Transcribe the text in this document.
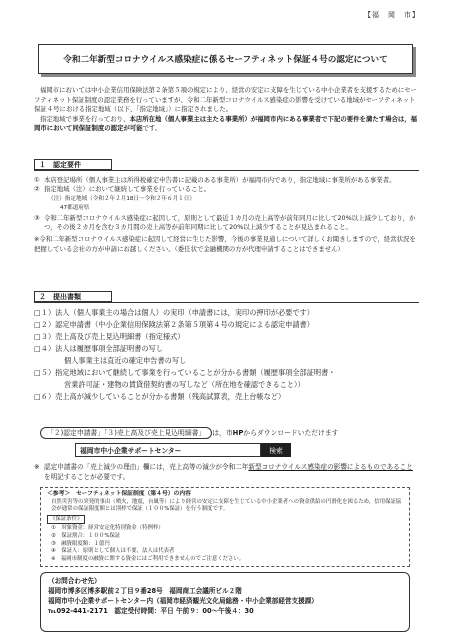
【福　岡　市】
令和二年新型コロナウイルス感染症に係るセーフティネット保証４号の認定について

福岡市においては中小企業信用保険法第２条第５項の規定により、経営の安定に支障を生じている中小企業者を支援するためにセーフティネット保証制度の認定業務を行っていますが、令和二年新型コロナウイルス感染症の影響を受けている地域がセーフティネット保証４号における指定地域（以下、「指定地域」）に指定されました。

指定地域で事業を行っており、本店所在地（個人事業主は主たる事業所）が福岡市内にある事業者で下記の要件を満たす場合は，福岡市において同保証制度の認定が可能です。

１　認定要件
① 本店登記場所（個人事業主は所得税確定申告書に記載のある事業所）が福岡市内であり，指定地域に事業所がある事業者。
② 指定地域（注）において継続して事業を行っていること。
（注）指定地域（令和２年２月18日～令和２年６月１日）
47都道府県
③ 令和二年新型コロナウイルス感染症に起因して，原則として最近１カ月の売上高等が前年同月に比して20%以上減少しており，かつ，その後２カ月を含む３カ月間の売上高等が前年同期に比して20%以上減少することが見込まれること。
※令和二年新型コロナウイルス感染症に起因して経営に生じた影響，今後の事業見通しについて詳しくお聞きしますので，経営状況を把握している会社の方が申請にお越しください。（委任状で金融機関の方が代理申請することはできません）
２　提出書類
□１）法人（個人事業主の場合は個人）の実印（申請書には，実印の押印が必要です）
□２）認定申請書（中小企業信用保険法第２条第５項第４号の規定による認定申請書）
□３）売上高及び売上見込明細書（指定様式）
□４）法人は履歴事項全部証明書の写し
個人事業主は直近の確定申告書の写し
□５）指定地域において継続して事業を行っていることが分かる書類（履歴事項全部証明書・
営業許可証・建物の賃貸借契約書の写しなど（所在地を確認できること））
□６）売上高が減少していることが分かる書類（残高試算表，売上台帳など）
「２)認定申請書」「３)売上高及び売上見込明細書」 は，市HPからダウンロードいただけます
福岡市中小企業サポートセンター	検索
※ 認定申請書の「売上減少の理由」欄には，売上高等の減少が令和二年新型コロナウイルス感染症の影響によるものであることを明記することが必要です。
＜参考＞　セーフティネット保証制度（第４号）の内容
自然災害等の突発的事由（噴火，地震，台風等）により経営の安定に支障を生じている中小企業者への資金供給の円滑化を図るため，信用保証協会が通常の保証限度額とは別枠で保証（１００%保証）を行う制度です。
《保証条件》
①　対象資金：経営安定化特別資金（特例枠）
②　保証割合：１００%保証
③　融資限度額：１億円
④　保証人：原則として個人は不要，法人は代表者
※　福岡市制度の融資に関する資金にはご利用できませんのでご注意ください。
（お問合わせ先）
福岡市博多区博多駅前２丁目９番28号　福岡商工会議所ビル２階
福岡市中小企業サポートセンター内（福岡市経済観光文化局総務・中小企業部経営支援課）
℡092-441-2171　認定受付時間：平日 午前９：00～午後４：30
